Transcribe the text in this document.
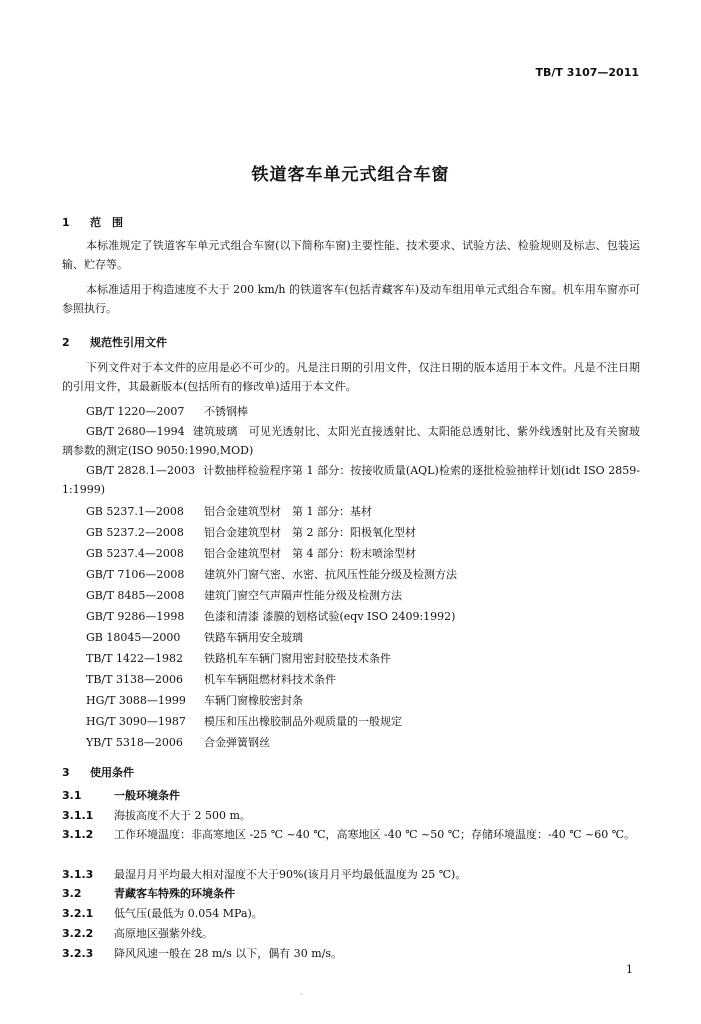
TB/T 3107—2011
铁道客车单元式组合车窗
1 范　围
本标准规定了铁道客车单元式组合车窗(以下简称车窗)主要性能、技术要求、试验方法、检验规则及标志、包装运输、贮存等。
本标准适用于构造速度不大于 200 km/h 的铁道客车(包括青藏客车)及动车组用单元式组合车窗。机车用车窗亦可参照执行。
2 规范性引用文件
下列文件对于本文件的应用是必不可少的。凡是注日期的引用文件，仅注日期的版本适用于本文件。凡是不注日期的引用文件，其最新版本(包括所有的修改单)适用于本文件。
GB/T 1220—2007 不锈钢棒
GB/T 2680—1994 建筑玻璃　可见光透射比、太阳光直接透射比、太阳能总透射比、紫外线透射比及有关窗玻璃参数的测定(ISO 9050:1990,MOD)
GB/T 2828.1—2003 计数抽样检验程序第 1 部分：按接收质量(AQL)检索的逐批检验抽样计划(idt ISO 2859-1:1999)
GB 5237.1—2008 铝合金建筑型材　第 1 部分：基材
GB 5237.2—2008 铝合金建筑型材　第 2 部分：阳极氧化型材
GB 5237.4—2008 铝合金建筑型材　第 4 部分：粉末喷涂型材
GB/T 7106—2008 建筑外门窗气密、水密、抗风压性能分级及检测方法
GB/T 8485—2008 建筑门窗空气声隔声性能分级及检测方法
GB/T 9286—1998 色漆和清漆 漆膜的划格试验(eqv ISO 2409:1992)
GB 18045—2000 铁路车辆用安全玻璃
TB/T 1422—1982 铁路机车车辆门窗用密封胶垫技术条件
TB/T 3138—2006 机车车辆阻燃材料技术条件
HG/T 3088—1999 车辆门窗橡胶密封条
HG/T 3090—1987 模压和压出橡胶制品外观质量的一般规定
YB/T 5318—2006 合金弹簧钢丝
3 使用条件
3.1	一般环境条件
3.1.1 海拔高度不大于 2 500 m。
3.1.2 工作环境温度：非高寒地区 -25 ℃ ~40 ℃，高寒地区 -40 ℃ ~50 ℃；存储环境温度：-40 ℃ ~60 ℃。
3.1.3 最湿月月平均最大相对湿度不大于90%(该月月平均最低温度为 25 ℃)。
3.2	青藏客车特殊的环境条件
3.2.1 低气压(最低为 0.054 MPa)。
3.2.2 高原地区强紫外线。
3.2.3 降风风速一般在 28 m/s 以下，偶有 30 m/s。
1
·
